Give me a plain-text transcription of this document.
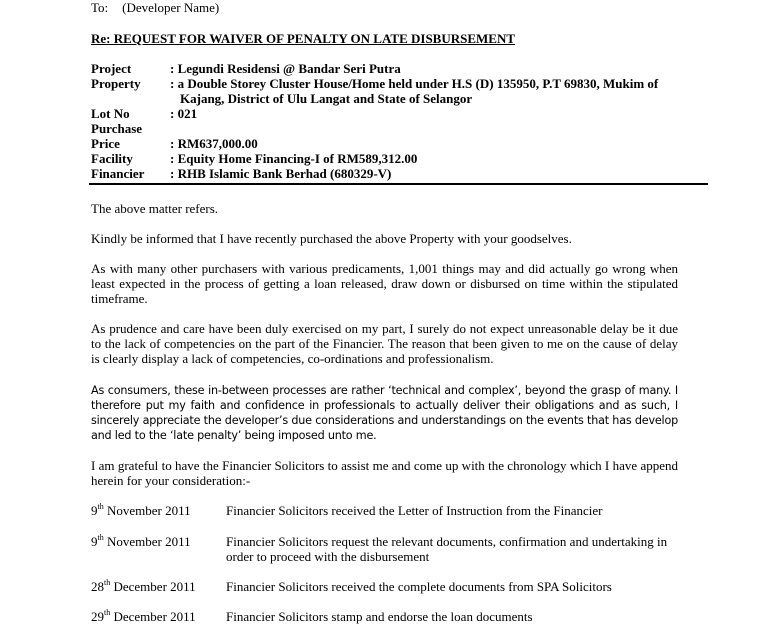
To: (Developer Name)
Re: REQUEST FOR WAIVER OF PENALTY ON LATE DISBURSEMENT
Project	: Legundi Residensi @ Bandar Seri Putra
Property	: a Double Storey Cluster House/Home held under H.S (D) 135950, P.T 69830, Mukim of
Kajang, District of Ulu Langat and State of Selangor
Lot No	: 021
Purchase
Price	: RM637,000.00
Facility	: Equity Home Financing-I of RM589,312.00
Financier	: RHB Islamic Bank Berhad (680329-V)
The above matter refers.
Kindly be informed that I have recently purchased the above Property with your goodselves.
As with many other purchasers with various predicaments, 1,001 things may and did actually go wrong when least expected in the process of getting a loan released, draw down or disbursed on time within the stipulated timeframe.
As prudence and care have been duly exercised on my part, I surely do not expect unreasonable delay be it due to the lack of competencies on the part of the Financier. The reason that been given to me on the cause of delay is clearly display a lack of competencies, co-ordinations and professionalism.
As consumers, these in-between processes are rather ‘technical and complex’, beyond the grasp of many. I therefore put my faith and confidence in professionals to actually deliver their obligations and as such, I sincerely appreciate the developer’s due considerations and understandings on the events that has develop and led to the ‘late penalty’ being imposed unto me.
I am grateful to have the Financier Solicitors to assist me and come up with the chronology which I have append herein for your consideration:-
9th November 2011	Financier Solicitors received the Letter of Instruction from the Financier
9th November 2011	Financier Solicitors request the relevant documents, confirmation and undertaking in order to proceed with the disbursement
28th December 2011	Financier Solicitors received the complete documents from SPA Solicitors
29th December 2011	Financier Solicitors stamp and endorse the loan documents
